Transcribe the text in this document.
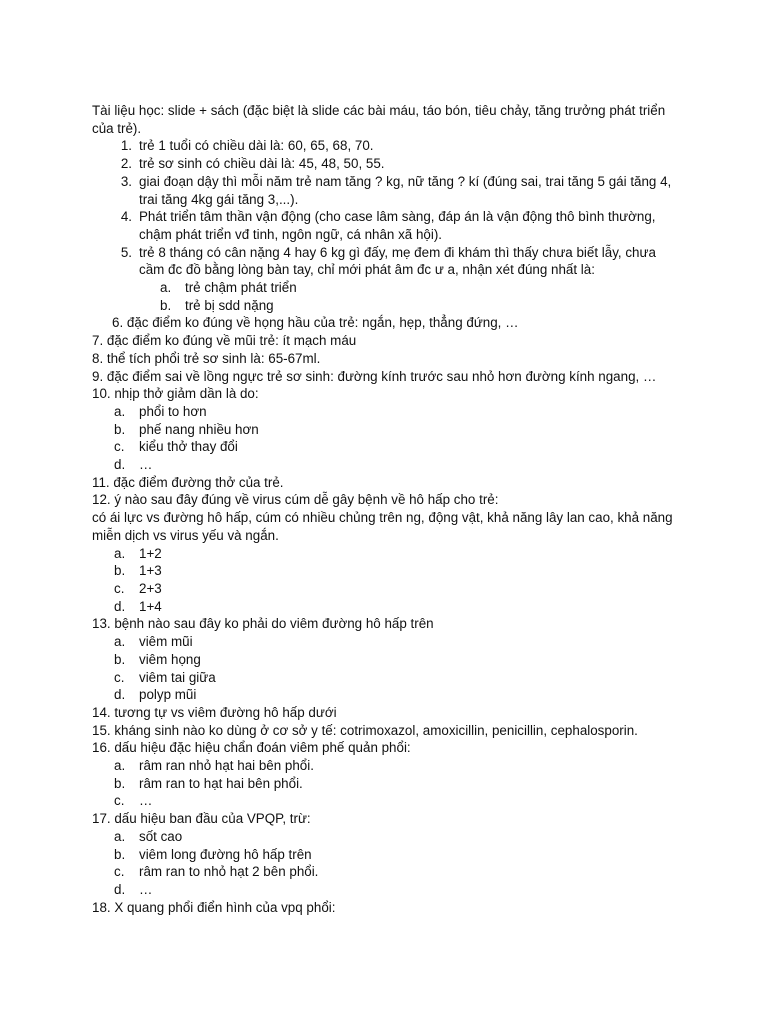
Tài liệu học: slide + sách (đặc biệt là slide các bài máu, táo bón, tiêu chảy, tăng trưởng phát triển của trẻ).
1. trẻ 1 tuổi có chiều dài là: 60, 65, 68, 70.
2. trẻ sơ sinh có chiều dài là: 45, 48, 50, 55.
3. giai đoạn dậy thì mỗi năm trẻ nam tăng ? kg, nữ tăng ? kí (đúng sai, trai tăng 5 gái tăng 4, trai tăng 4kg gái tăng 3,...).
4. Phát triển tâm thần vận động (cho case lâm sàng, đáp án là vận động thô bình thường, chậm phát triển vđ tinh, ngôn ngữ, cá nhân xã hội).
5. trẻ 8 tháng có cân nặng 4 hay 6 kg gì đấy, mẹ đem đi khám thì thấy chưa biết lẫy, chưa cầm đc đồ bằng lòng bàn tay, chỉ mới phát âm đc ư a, nhận xét đúng nhất là:
a. trẻ chậm phát triển
b. trẻ bị sdd nặng
6. đặc điểm ko đúng về họng hầu của trẻ: ngắn, hẹp, thẳng đứng, …
7. đặc điểm ko đúng về mũi trẻ: ít mạch máu
8. thể tích phổi trẻ sơ sinh là: 65-67ml.
9. đặc điểm sai về lồng ngực trẻ sơ sinh: đường kính trước sau nhỏ hơn đường kính ngang, …
10. nhịp thở giảm dần là do:
a. phổi to hơn
b. phế nang nhiều hơn
c. kiểu thở thay đổi
d. …
11. đặc điểm đường thở của trẻ.
12. ý nào sau đây đúng về virus cúm dễ gây bệnh về hô hấp cho trẻ:
có ái lực vs đường hô hấp, cúm có nhiều chủng trên ng, động vật, khả năng lây lan cao, khả năng miễn dịch vs virus yếu và ngắn.
a. 1+2
b. 1+3
c. 2+3
d. 1+4
13. bệnh nào sau đây ko phải do viêm đường hô hấp trên
a. viêm mũi
b. viêm họng
c. viêm tai giữa
d. polyp mũi
14. tương tự vs viêm đường hô hấp dưới
15. kháng sinh nào ko dùng ở cơ sở y tế: cotrimoxazol, amoxicillin, penicillin, cephalosporin.
16. dấu hiệu đặc hiệu chẩn đoán viêm phế quản phổi:
a. râm ran nhỏ hạt hai bên phổi.
b. râm ran to hạt hai bên phổi.
c. …
17. dấu hiệu ban đầu của VPQP, trừ:
a. sốt cao
b. viêm long đường hô hấp trên
c. râm ran to nhỏ hạt 2 bên phổi.
d. …
18. X quang phổi điển hình của vpq phổi:
